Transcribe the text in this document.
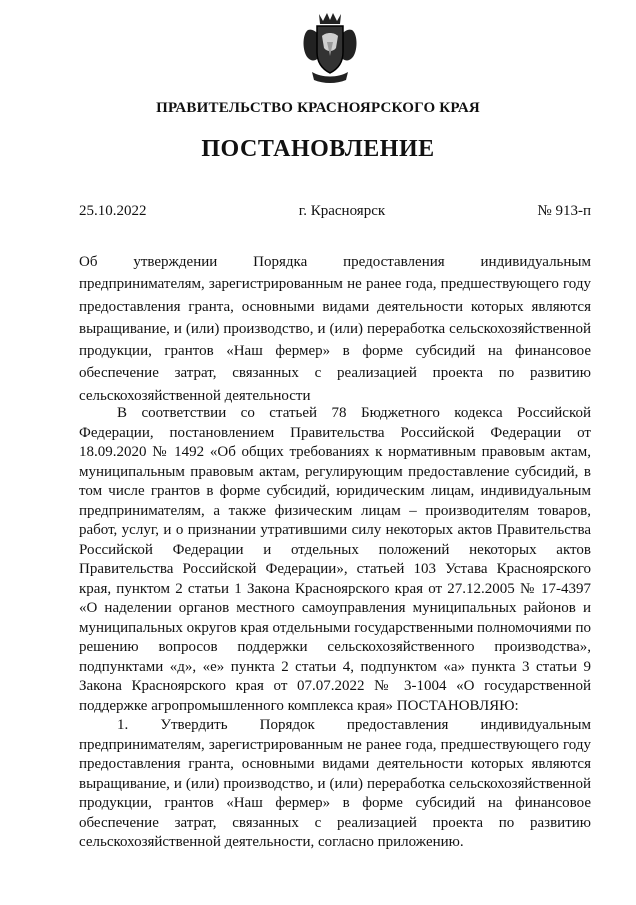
ПРАВИТЕЛЬСТВО КРАСНОЯРСКОГО КРАЯ
ПОСТАНОВЛЕНИЕ
25.10.2022	г. Красноярск	№ 913-п
Об утверждении Порядка предоставления индивидуальным предпринимателям, зарегистрированным не ранее года, предшествующего году предоставления гранта, основными видами деятельности которых являются выращивание, и (или) производство, и (или) переработка сельскохозяйственной продукции, грантов «Наш фермер» в форме субсидий на финансовое обеспечение затрат, связанных с реализацией проекта по развитию сельскохозяйственной деятельности

В соответствии со статьей 78 Бюджетного кодекса Российской Федерации, постановлением Правительства Российской Федерации от 18.09.2020 № 1492 «Об общих требованиях к нормативным правовым актам, муниципальным правовым актам, регулирующим предоставление субсидий, в том числе грантов в форме субсидий, юридическим лицам, индивидуальным предпринимателям, а также физическим лицам – производителям товаров, работ, услуг, и о признании утратившими силу некоторых актов Правительства Российской Федерации и отдельных положений некоторых актов Правительства Российской Федерации», статьей 103 Устава Красноярского края, пунктом 2 статьи 1 Закона Красноярского края от 27.12.2005 № 17-4397 «О наделении органов местного самоуправления муниципальных районов и муниципальных округов края отдельными государственными полномочиями по решению вопросов поддержки сельскохозяйственного производства», подпунктами «д», «е» пункта 2 статьи 4, подпунктом «а» пункта 3 статьи 9 Закона Красноярского края от 07.07.2022 № 3-1004 «О государственной поддержке агропромышленного комплекса края» ПОСТАНОВЛЯЮ:

1. Утвердить Порядок предоставления индивидуальным предпринимателям, зарегистрированным не ранее года, предшествующего году предоставления гранта, основными видами деятельности которых являются выращивание, и (или) производство, и (или) переработка сельскохозяйственной продукции, грантов «Наш фермер» в форме субсидий на финансовое обеспечение затрат, связанных с реализацией проекта по развитию сельскохозяйственной деятельности, согласно приложению.
